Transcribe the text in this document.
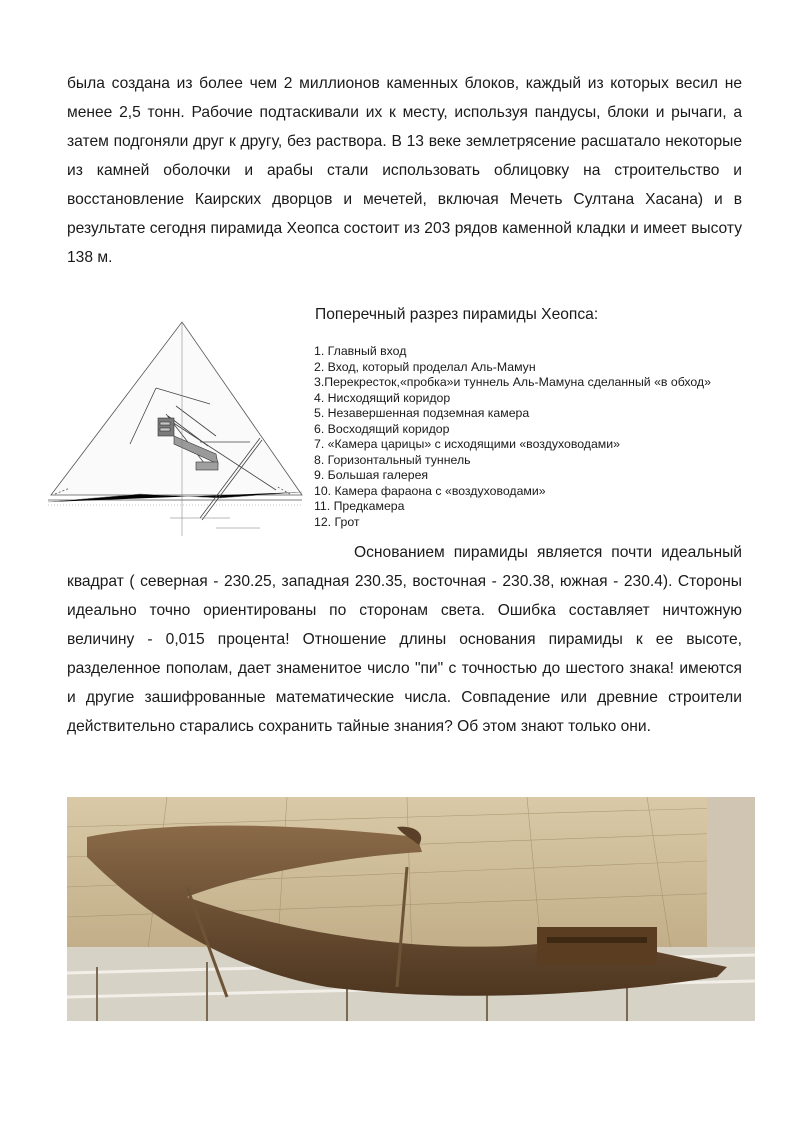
была создана из более чем 2 миллионов каменных блоков, каждый из которых весил не менее 2,5 тонн. Рабочие подтаскивали их к месту, используя пандусы, блоки и рычаги, а затем подгоняли друг к другу, без раствора. В 13 веке землетрясение расшатало некоторые из камней оболочки и арабы стали использовать облицовку на строительство и восстановление Каирских дворцов и мечетей, включая Мечеть Султана Хасана) и в результате сегодня пирамида Хеопса состоит из 203 рядов каменной кладки и имеет высоту 138 м.

Поперечный разрез пирамиды Хеопса:

1. Главный вход
2. Вход, который проделал Аль-Мамун
3.Перекресток,«пробка»и туннель Аль-Мамуна сделанный «в обход»
4. Нисходящий коридор
5. Незавершенная подземная камера
6. Восходящий коридор
7. «Камера царицы» с исходящими «воздуховодами»
8. Горизонтальный туннель
9. Большая галерея
10. Камера фараона с «воздуховодами»
11. Предкамера
12. Грот

Основанием пирамиды является почти идеальный квадрат ( северная - 230.25, западная 230.35, восточная - 230.38, южная - 230.4). Стороны идеально точно ориентированы по сторонам света. Ошибка составляет ничтожную величину - 0,015 процента! Отношение длины основания пирамиды к ее высоте, разделенное пополам, дает знаменитое число "пи" с точностью до шестого знака! имеются и другие зашифрованные математические числа. Совпадение или древние строители действительно старались сохранить тайные знания? Об этом знают только они.
